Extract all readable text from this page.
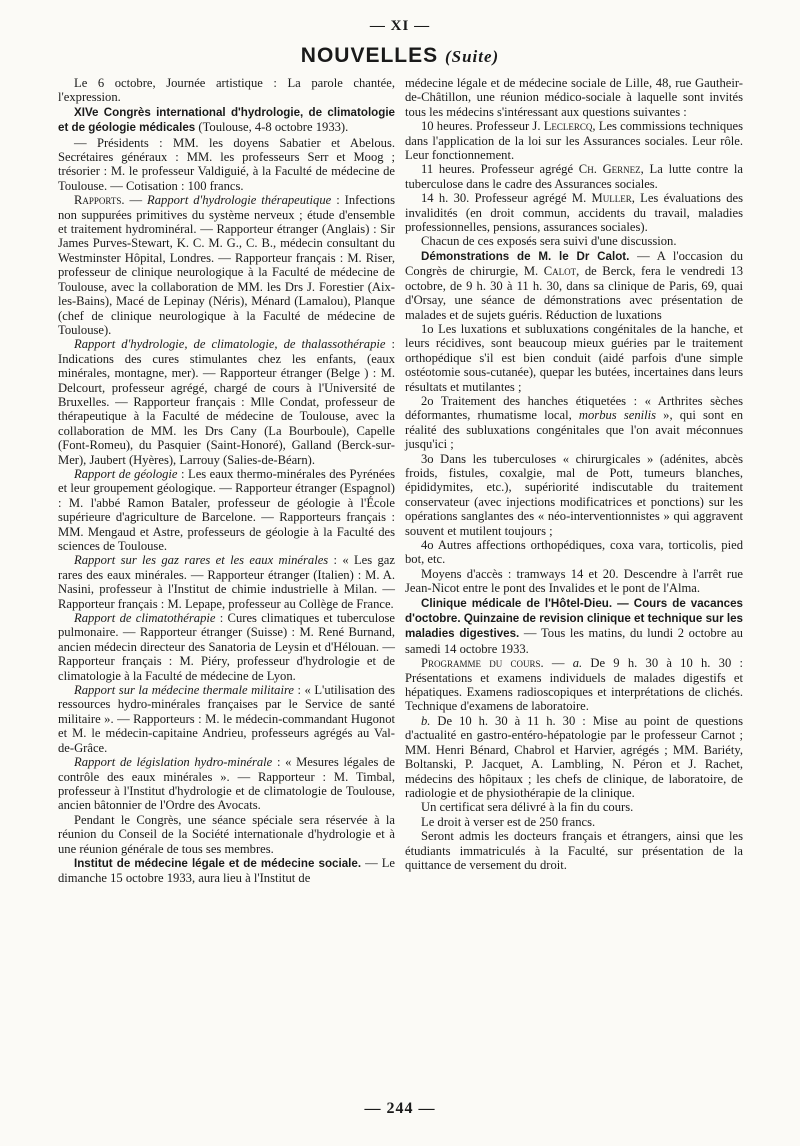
— XI —
NOUVELLES (Suite)

Le 6 octobre, Journée artistique : La parole chantée, l'expression.

XIVe Congrès international d'hydrologie, de climatologie et de géologie médicales (Toulouse, 4-8 octobre 1933).

— Présidents : MM. les doyens Sabatier et Abelous. Secrétaires généraux : MM. les professeurs Serr et Moog ; trésorier : M. le professeur Valdiguié, à la Faculté de médecine de Toulouse. — Cotisation : 100 francs.

Rapports. — Rapport d'hydrologie thérapeutique : Infections non suppurées primitives du système nerveux ; étude d'ensemble et traitement hydrominéral. — Rapporteur étranger (Anglais) : Sir James Purves-Stewart, K. C. M. G., C. B., médecin consultant du Westminster Hôpital, Londres. — Rapporteur français : M. Riser, professeur de clinique neurologique à la Faculté de médecine de Toulouse, avec la collaboration de MM. les Drs J. Forestier (Aix-les-Bains), Macé de Lepinay (Néris), Ménard (Lamalou), Planque (chef de clinique neurologique à la Faculté de médecine de Toulouse).

Rapport d'hydrologie, de climatologie, de thalassothérapie : Indications des cures stimulantes chez les enfants, (eaux minérales, montagne, mer). — Rapporteur étranger (Belge ) : M. Delcourt, professeur agrégé, chargé de cours à l'Université de Bruxelles. — Rapporteur français : Mlle Condat, professeur de thérapeutique à la Faculté de médecine de Toulouse, avec la collaboration de MM. les Drs Cany (La Bourboule), Capelle (Font-Romeu), du Pasquier (Saint-Honoré), Galland (Berck-sur-Mer), Jaubert (Hyères), Larrouy (Salies-de-Béarn).

Rapport de géologie : Les eaux thermo-minérales des Pyrénées et leur groupement géologique. — Rapporteur étranger (Espagnol) : M. l'abbé Ramon Bataler, professeur de géologie à l'École supérieure d'agriculture de Barcelone. — Rapporteurs français : MM. Mengaud et Astre, professeurs de géologie à la Faculté des sciences de Toulouse.

Rapport sur les gaz rares et les eaux minérales : « Les gaz rares des eaux minérales. — Rapporteur étranger (Italien) : M. A. Nasini, professeur à l'Institut de chimie industrielle à Milan. — Rapporteur français : M. Lepape, professeur au Collège de France.

Rapport de climatothérapie : Cures climatiques et tuberculose pulmonaire. — Rapporteur étranger (Suisse) : M. René Burnand, ancien médecin directeur des Sanatoria de Leysin et d'Hélouan. — Rapporteur français : M. Piéry, professeur d'hydrologie et de climatologie à la Faculté de médecine de Lyon.

Rapport sur la médecine thermale militaire : « L'utilisation des ressources hydro-minérales françaises par le Service de santé militaire ». — Rapporteurs : M. le médecin-commandant Hugonot et M. le médecin-capitaine Andrieu, professeurs agrégés au Val-de-Grâce.

Rapport de législation hydro-minérale : « Mesures légales de contrôle des eaux minérales ». — Rapporteur : M. Timbal, professeur à l'Institut d'hydrologie et de climatologie de Toulouse, ancien bâtonnier de l'Ordre des Avocats.

Pendant le Congrès, une séance spéciale sera réservée à la réunion du Conseil de la Société internationale d'hydrologie et à une réunion générale de tous ses membres.

Institut de médecine légale et de médecine sociale. — Le dimanche 15 octobre 1933, aura lieu à l'Institut de

médecine légale et de médecine sociale de Lille, 48, rue Gautheir-de-Châtillon, une réunion médico-sociale à laquelle sont invités tous les médecins s'intéressant aux questions suivantes :

10 heures. Professeur J. Leclercq, Les commissions techniques dans l'application de la loi sur les Assurances sociales. Leur rôle. Leur fonctionnement.

11 heures. Professeur agrégé Ch. Gernez, La lutte contre la tuberculose dans le cadre des Assurances sociales.

14 h. 30. Professeur agrégé M. Muller, Les évaluations des invalidités (en droit commun, accidents du travail, maladies professionnelles, pensions, assurances sociales).

Chacun de ces exposés sera suivi d'une discussion.

Démonstrations de M. le Dr Calot. — A l'occasion du Congrès de chirurgie, M. Calot, de Berck, fera le vendredi 13 octobre, de 9 h. 30 à 11 h. 30, dans sa clinique de Paris, 69, quai d'Orsay, une séance de démonstrations avec présentation de malades et de sujets guéris. Réduction de luxations

1o Les luxations et subluxations congénitales de la hanche, et leurs récidives, sont beaucoup mieux guéries par le traitement orthopédique s'il est bien conduit (aidé parfois d'une simple ostéotomie sous-cutanée), quepar les butées, incertaines dans leurs résultats et mutilantes ;

2o Traitement des hanches étiquetées : « Arthrites sèches déformantes, rhumatisme local, morbus senilis », qui sont en réalité des subluxations congénitales que l'on avait méconnues jusqu'ici ;

3o Dans les tuberculoses « chirurgicales » (adénites, abcès froids, fistules, coxalgie, mal de Pott, tumeurs blanches, épididymites, etc.), supériorité indiscutable du traitement conservateur (avec injections modificatrices et ponctions) sur les opérations sanglantes des « néo-interventionnistes » qui aggravent souvent et mutilent toujours ;

4o Autres affections orthopédiques, coxa vara, torticolis, pied bot, etc.

Moyens d'accès : tramways 14 et 20. Descendre à l'arrêt rue Jean-Nicot entre le pont des Invalides et le pont de l'Alma.

Clinique médicale de l'Hôtel-Dieu. — Cours de vacances d'octobre. Quinzaine de revision clinique et technique sur les maladies digestives. — Tous les matins, du lundi 2 octobre au samedi 14 octobre 1933.

Programme du cours. — a. De 9 h. 30 à 10 h. 30 : Présentations et examens individuels de malades digestifs et hépatiques. Examens radioscopiques et interprétations de clichés. Technique d'examens de laboratoire.

b. De 10 h. 30 à 11 h. 30 : Mise au point de questions d'actualité en gastro-entéro-hépatologie par le professeur Carnot ; MM. Henri Bénard, Chabrol et Harvier, agrégés ; MM. Bariéty, Boltanski, P. Jacquet, A. Lambling, N. Péron et J. Rachet, médecins des hôpitaux ; les chefs de clinique, de laboratoire, de radiologie et de physiothérapie de la clinique.

Un certificat sera délivré à la fin du cours.

Le droit à verser est de 250 francs.

Seront admis les docteurs français et étrangers, ainsi que les étudiants immatriculés à la Faculté, sur présentation de la quittance de versement du droit.

— 244 —
